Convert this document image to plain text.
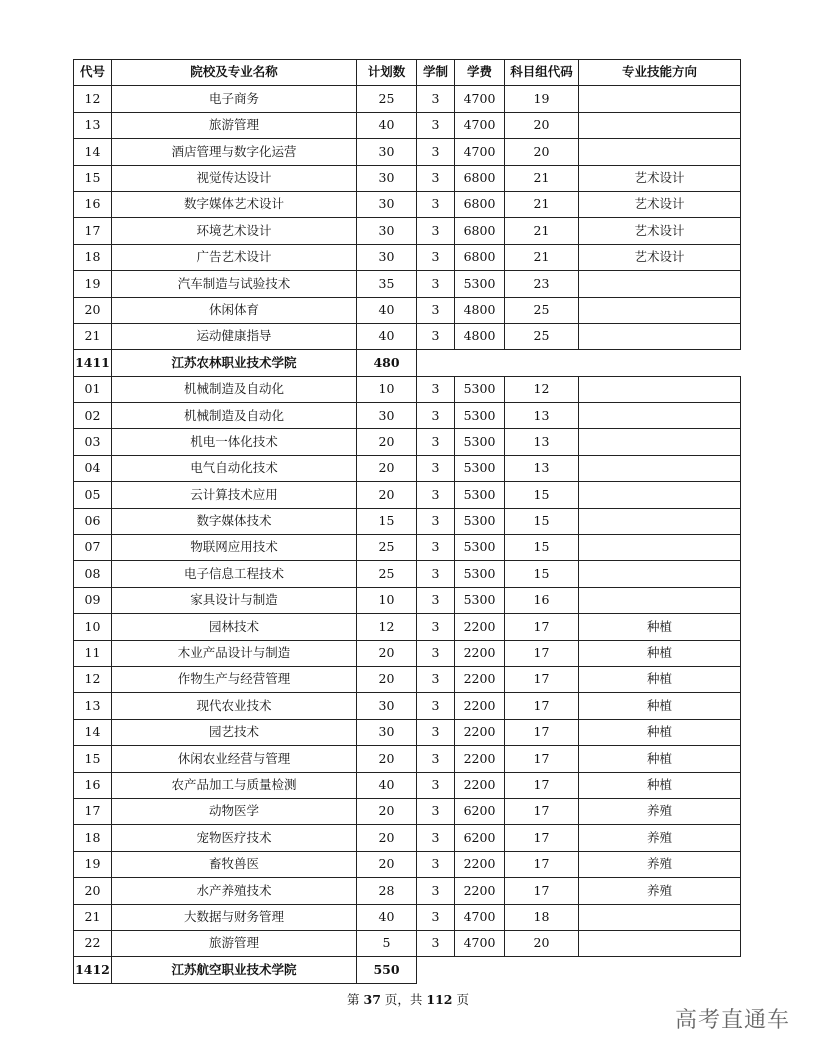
代号	院校及专业名称	计划数	学制	学费	科目组代码	专业技能方向
12	电子商务	25	3	4700	19	
13	旅游管理	40	3	4700	20	
14	酒店管理与数字化运营	30	3	4700	20	
15	视觉传达设计	30	3	6800	21	艺术设计
16	数字媒体艺术设计	30	3	6800	21	艺术设计
17	环境艺术设计	30	3	6800	21	艺术设计
18	广告艺术设计	30	3	6800	21	艺术设计
19	汽车制造与试验技术	35	3	5300	23	
20	休闲体育	40	3	4800	25	
21	运动健康指导	40	3	4800	25	
1411	江苏农林职业技术学院	480				
01	机械制造及自动化	10	3	5300	12	
02	机械制造及自动化	30	3	5300	13	
03	机电一体化技术	20	3	5300	13	
04	电气自动化技术	20	3	5300	13	
05	云计算技术应用	20	3	5300	15	
06	数字媒体技术	15	3	5300	15	
07	物联网应用技术	25	3	5300	15	
08	电子信息工程技术	25	3	5300	15	
09	家具设计与制造	10	3	5300	16	
10	园林技术	12	3	2200	17	种植
11	木业产品设计与制造	20	3	2200	17	种植
12	作物生产与经营管理	20	3	2200	17	种植
13	现代农业技术	30	3	2200	17	种植
14	园艺技术	30	3	2200	17	种植
15	休闲农业经营与管理	20	3	2200	17	种植
16	农产品加工与质量检测	40	3	2200	17	种植
17	动物医学	20	3	6200	17	养殖
18	宠物医疗技术	20	3	6200	17	养殖
19	畜牧兽医	20	3	2200	17	养殖
20	水产养殖技术	28	3	2200	17	养殖
21	大数据与财务管理	40	3	4700	18	
22	旅游管理	5	3	4700	20	
1412	江苏航空职业技术学院	550				
第 37 页，共 112 页
高考直通车
